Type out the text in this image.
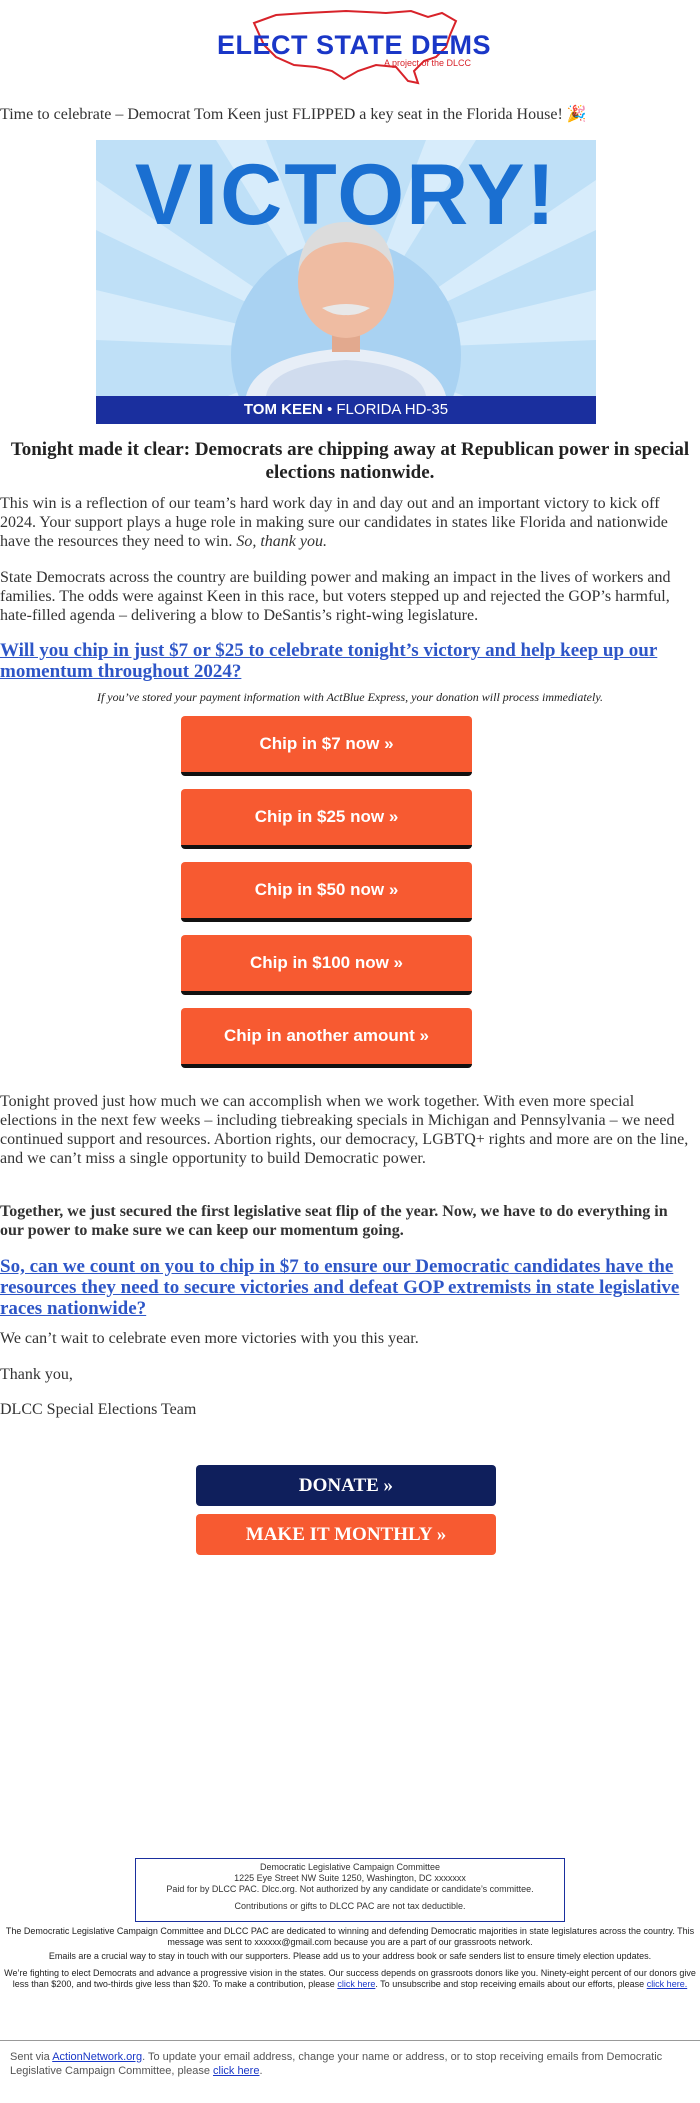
ELECT STATE DEMS
A project of the DLCC
Time to celebrate – Democrat Tom Keen just FLIPPED a key seat in the Florida House! 🎉
VICTORY!
TOM KEEN • FLORIDA HD-35
Tonight made it clear: Democrats are chipping away at Republican power in special elections nationwide.
This win is a reflection of our team’s hard work day in and day out and an important victory to kick off 2024. Your support plays a huge role in making sure our candidates in states like Florida and nationwide have the resources they need to win. So, thank you.
State Democrats across the country are building power and making an impact in the lives of workers and families. The odds were against Keen in this race, but voters stepped up and rejected the GOP’s harmful, hate-filled agenda – delivering a blow to DeSantis’s right-wing legislature.
Will you chip in just $7 or $25 to celebrate tonight’s victory and help keep up our momentum throughout 2024?
If you’ve stored your payment information with ActBlue Express, your donation will process immediately.
Chip in $7 now »
Chip in $25 now »
Chip in $50 now »
Chip in $100 now »
Chip in another amount »
Tonight proved just how much we can accomplish when we work together. With even more special elections in the next few weeks – including tiebreaking specials in Michigan and Pennsylvania – we need continued support and resources. Abortion rights, our democracy, LGBTQ+ rights and more are on the line, and we can’t miss a single opportunity to build Democratic power.
Together, we just secured the first legislative seat flip of the year. Now, we have to do everything in our power to make sure we can keep our momentum going.
So, can we count on you to chip in $7 to ensure our Democratic candidates have the resources they need to secure victories and defeat GOP extremists in state legislative races nationwide?
We can’t wait to celebrate even more victories with you this year.
Thank you,
DLCC Special Elections Team
DONATE »
MAKE IT MONTHLY »
Democratic Legislative Campaign Committee
1225 Eye Street NW Suite 1250, Washington, DC xxxxxxx
Paid for by DLCC PAC. Dlcc.org. Not authorized by any candidate or candidate’s committee.
Contributions or gifts to DLCC PAC are not tax deductible.
The Democratic Legislative Campaign Committee and DLCC PAC are dedicated to winning and defending Democratic majorities in state legislatures across the country. This message was sent to xxxxxx@gmail.com because you are a part of our grassroots network.
Emails are a crucial way to stay in touch with our supporters. Please add us to your address book or safe senders list to ensure timely election updates.
We’re fighting to elect Democrats and advance a progressive vision in the states. Our success depends on grassroots donors like you. Ninety-eight percent of our donors give less than $200, and two-thirds give less than $20. To make a contribution, please click here. To unsubscribe and stop receiving emails about our efforts, please click here.
Sent via ActionNetwork.org. To update your email address, change your name or address, or to stop receiving emails from Democratic Legislative Campaign Committee, please click here.
